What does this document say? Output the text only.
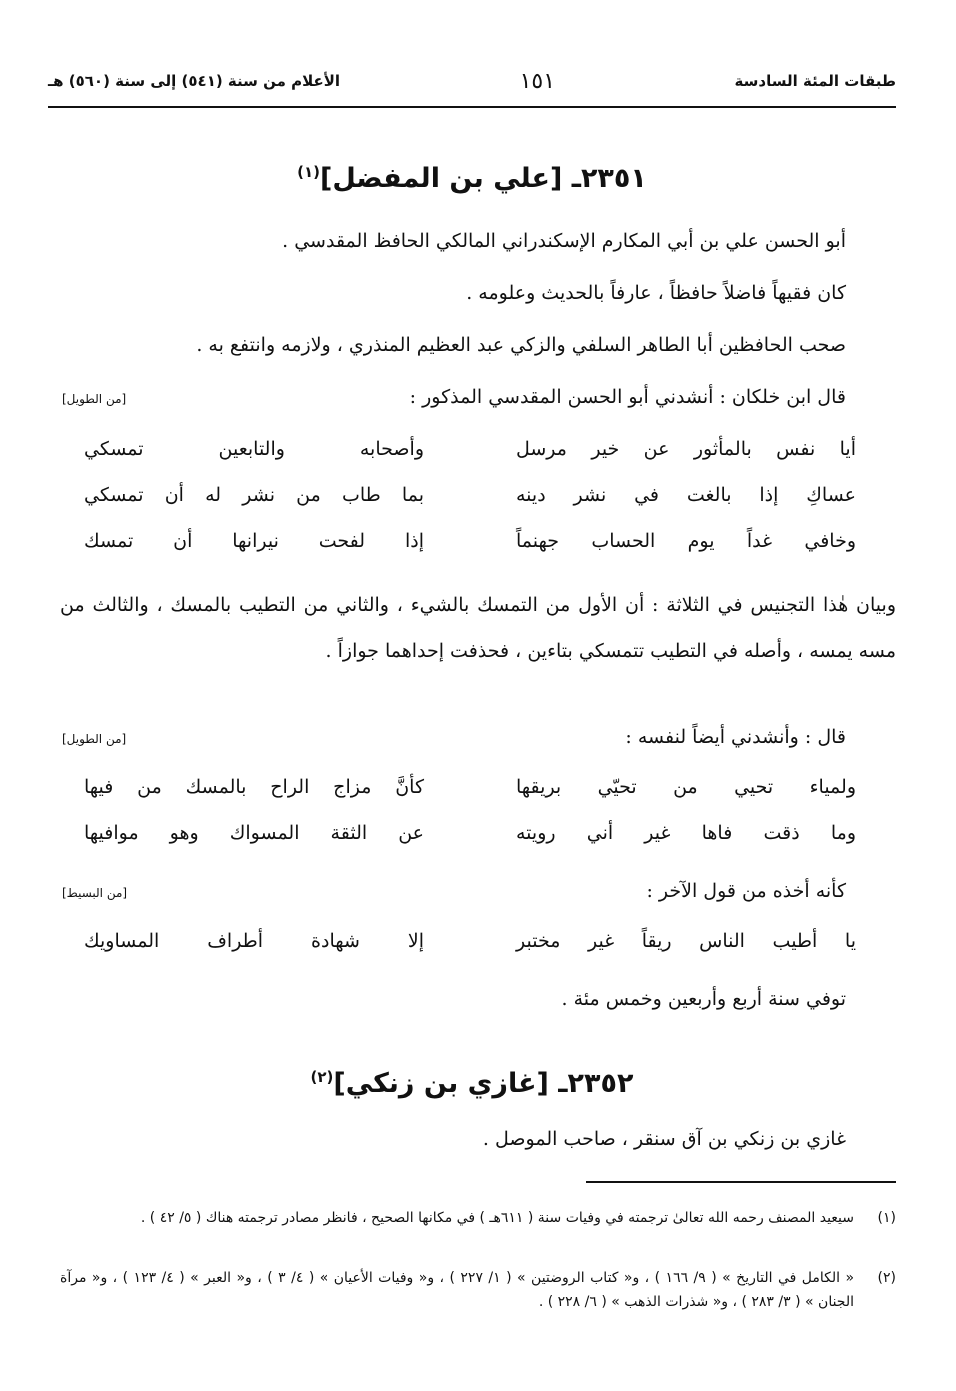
طبقات المئة السادسة
١٥١
الأعلام من سنة (٥٤١) إلى سنة (٥٦٠) هـ
٢٣٥١ـ [علي بن المفضل]$^{(١)}$
أبو الحسن علي بن أبي المكارم الإسكندراني المالكي الحافظ المقدسي .
كان فقيهاً فاضلاً حافظاً ، عارفاً بالحديث وعلومه .
صحب الحافظين أبا الطاهر السلفي والزكي عبد العظيم المنذري ، ولازمه وانتفع به .
قال ابن خلكان : أنشدني أبو الحسن المقدسي المذكور :
[من الطويل]
أيا نفس بالمأثور عن خير مرسل
وأصحابه والتابعين تمسكي
عساكِ إذا بالغت في نشر دينه
بما طاب من نشر له أن تمسكي
وخافي غداً يوم الحساب جهنماً
إذا لفحت نيرانها أن تمسك
وبيان هٰذا التجنيس في الثلاثة : أن الأول من التمسك بالشيء ، والثاني من التطيب بالمسك ، والثالث من مسه يمسه ، وأصله في التطيب تتمسكي بتاءين ، فحذفت إحداهما جوازاً .
قال : وأنشدني أيضاً لنفسه :
[من الطويل]
ولمياء تحيي من تحيّي بريقها
كأنَّ مزاج الراح بالمسك من فيها
وما ذقت فاها غير أني رويته
عن الثقة المسواك وهو موافيها
كأنه أخذه من قول الآخر :
[من البسيط]
يا أطيب الناس ريقاً غير مختبر
إلا شهادة أطراف المساويك
توفي سنة أربع وأربعين وخمس مئة .
٢٣٥٢ـ [غازي بن زنكي]$^{(٢)}$
غازي بن زنكي بن آق سنقر ، صاحب الموصل .
(١)
سيعيد المصنف رحمه الله تعالىٰ ترجمته في وفيات سنة ( ٦١١هـ ) في مكانها الصحيح ، فانظر مصادر ترجمته هناك ( ٥/ ٤٢ ) .
(٢)
« الكامل في التاريخ » ( ٩/ ١٦٦ ) ، و« كتاب الروضتين » ( ١/ ٢٢٧ ) ، و« وفيات الأعيان » ( ٤/ ٣ ) ، و« العبر » ( ٤/ ١٢٣ ) ، و« مرآة الجنان » ( ٣/ ٢٨٣ ) ، و« شذرات الذهب » ( ٦/ ٢٢٨ ) .
